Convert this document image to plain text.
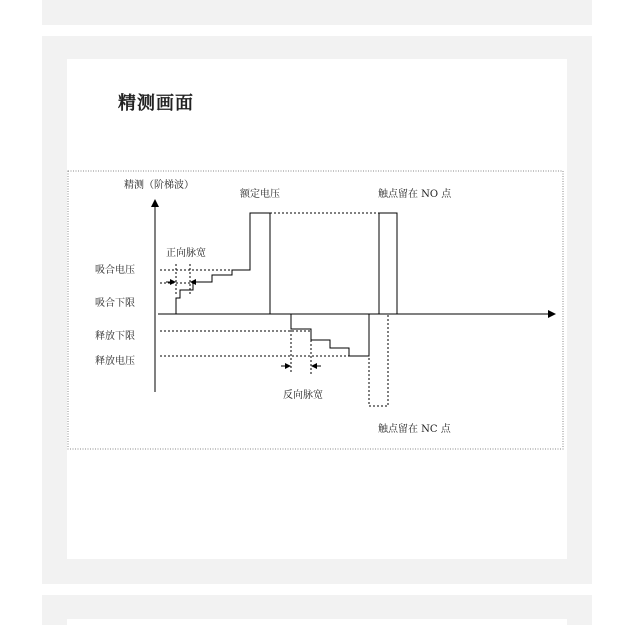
精测画面
精测（阶梯波）
额定电压	触点留在 NO 点
正向脉宽
吸合电压
吸合下限
释放下限
释放电压
反向脉宽
触点留在 NC 点
